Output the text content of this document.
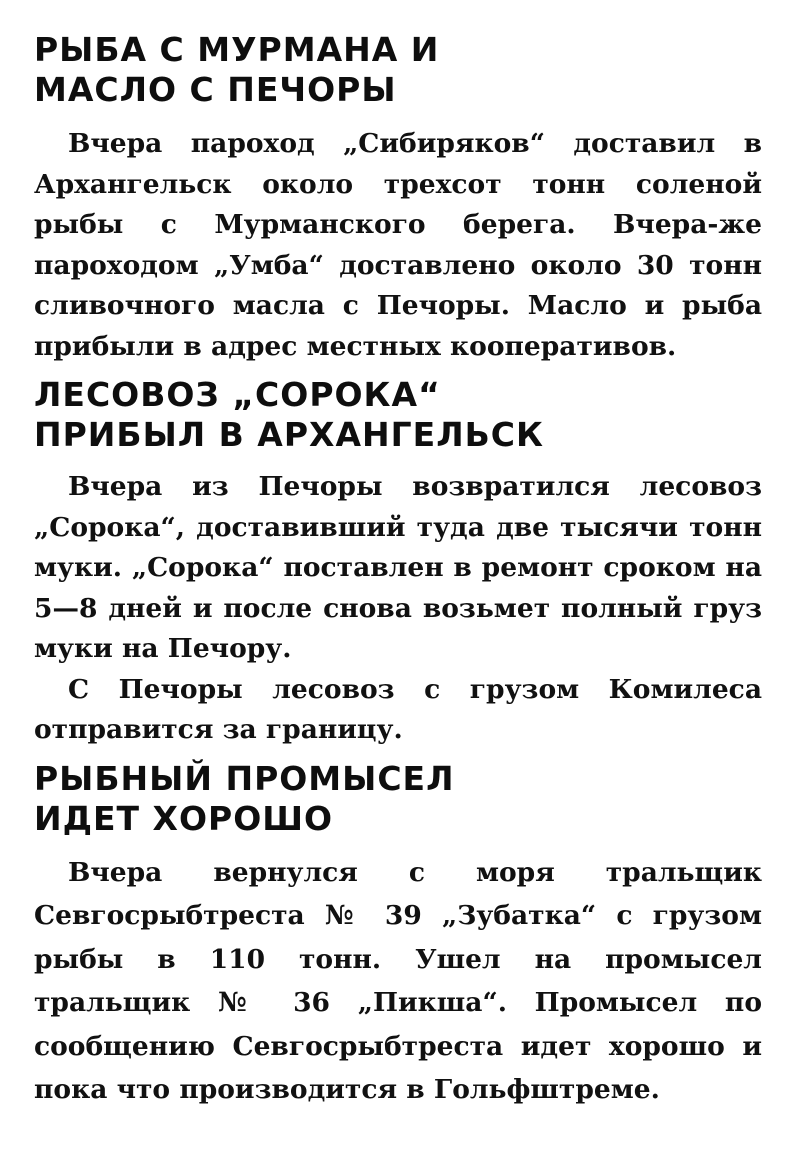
РЫБА С МУРМАНА И
МАСЛО С ПЕЧОРЫ

Вчера пароход „Сибиряков“ доставил в Архангельск около трехсот тонн соленой рыбы с Мурманского берега. Вчера-же пароходом „Умба“ доставлено около 30 тонн сливочного масла с Печоры. Масло и рыба прибыли в адрес местных кооперативов.

ЛЕСОВОЗ „СОРОКА“
ПРИБЫЛ В АРХАНГЕЛЬСК

Вчера из Печоры возвратился лесовоз „Сорока“, доставивший туда две тысячи тонн муки. „Сорока“ поставлен в ремонт сроком на 5—8 дней и после снова возьмет полный груз муки на Печору.

С Печоры лесовоз с грузом Комилеса отправится за границу.

РЫБНЫЙ ПРОМЫСЕЛ
ИДЕТ ХОРОШО

Вчера вернулся с моря тральщик Севгосрыбтреста № 39 „Зубатка“ с грузом рыбы в 110 тонн. Ушел на промысел тральщик № 36 „Пикша“. Промысел по сообщению Севгосрыбтреста идет хорошо и пока что производится в Гольфштреме.
